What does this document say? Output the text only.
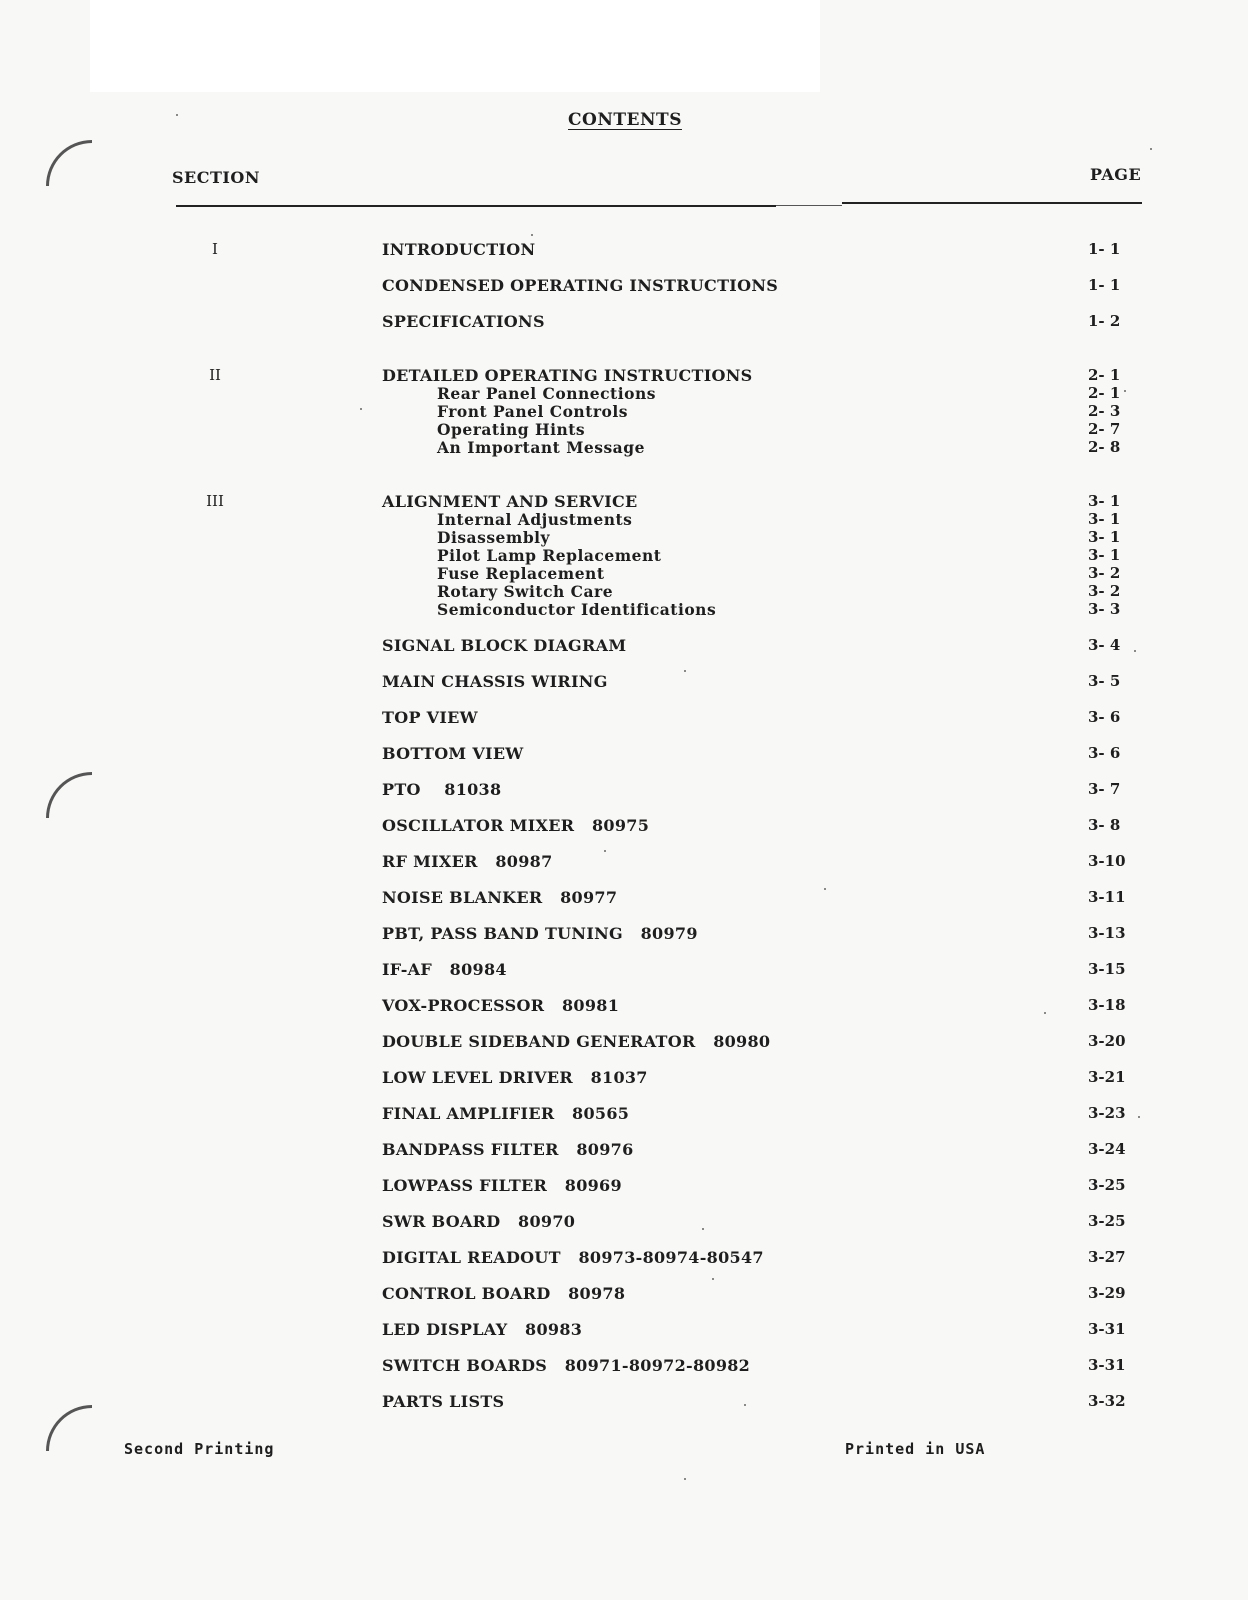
CONTENTS
SECTION	PAGE
I	INTRODUCTION	1- 1
CONDENSED OPERATING INSTRUCTIONS	1- 1
SPECIFICATIONS	1- 2
II	DETAILED OPERATING INSTRUCTIONS	2- 1
Rear Panel Connections	2- 1
Front Panel Controls	2- 3
Operating Hints	2- 7
An Important Message	2- 8
III	ALIGNMENT AND SERVICE	3- 1
Internal Adjustments	3- 1
Disassembly	3- 1
Pilot Lamp Replacement	3- 1
Fuse Replacement	3- 2
Rotary Switch Care	3- 2
Semiconductor Identifications	3- 3
SIGNAL BLOCK DIAGRAM	3- 4
MAIN CHASSIS WIRING	3- 5
TOP VIEW	3- 6
BOTTOM VIEW	3- 6
PTO    81038	3- 7
OSCILLATOR MIXER   80975	3- 8
RF MIXER   80987	3-10
NOISE BLANKER   80977	3-11
PBT, PASS BAND TUNING   80979	3-13
IF-AF   80984	3-15
VOX-PROCESSOR   80981	3-18
DOUBLE SIDEBAND GENERATOR   80980	3-20
LOW LEVEL DRIVER   81037	3-21
FINAL AMPLIFIER   80565	3-23
BANDPASS FILTER   80976	3-24
LOWPASS FILTER   80969	3-25
SWR BOARD   80970	3-25
DIGITAL READOUT   80973-80974-80547	3-27
CONTROL BOARD   80978	3-29
LED DISPLAY   80983	3-31
SWITCH BOARDS   80971-80972-80982	3-31
PARTS LISTS	3-32
Second Printing	Printed in USA
